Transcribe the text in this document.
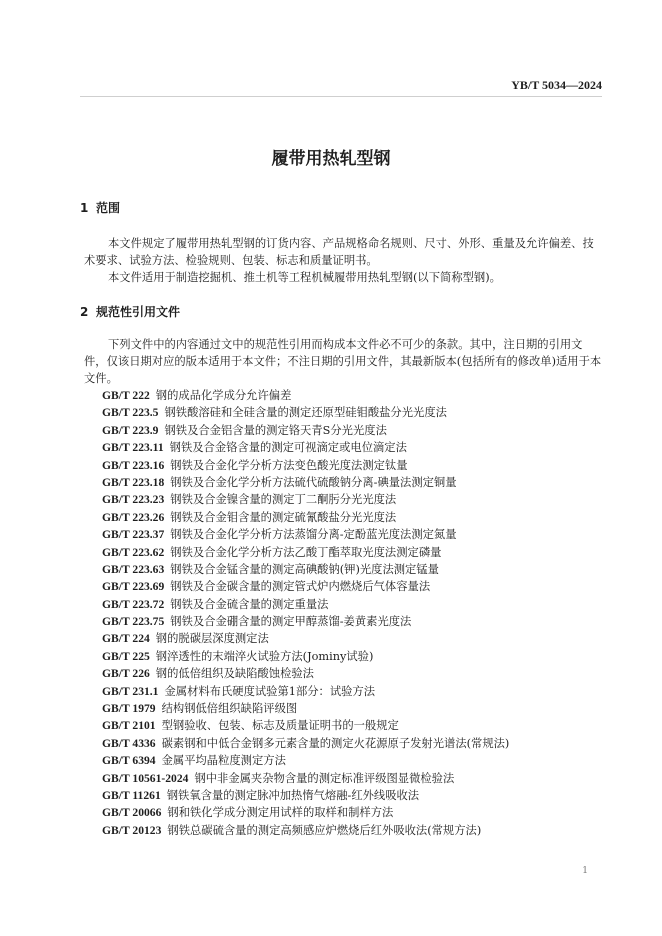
YB/T 5034—2024
履带用热轧型钢
1 范围

本文件规定了履带用热轧型钢的订货内容、产品规格命名规则、尺寸、外形、重量及允许偏差、技术要求、试验方法、检验规则、包装、标志和质量证明书。

本文件适用于制造挖掘机、推土机等工程机械履带用热轧型钢(以下简称型钢)。

2 规范性引用文件

下列文件中的内容通过文中的规范性引用而构成本文件必不可少的条款。其中，注日期的引用文件，仅该日期对应的版本适用于本文件；不注日期的引用文件，其最新版本(包括所有的修改单)适用于本文件。

GB/T 222 钢的成品化学成分允许偏差
GB/T 223.5 钢铁酸溶硅和全硅含量的测定还原型硅钼酸盐分光光度法
GB/T 223.9 钢铁及合金铝含量的测定铬天青S分光光度法
GB/T 223.11 钢铁及合金铬含量的测定可视滴定或电位滴定法
GB/T 223.16 钢铁及合金化学分析方法变色酸光度法测定钛量
GB/T 223.18 钢铁及合金化学分析方法硫代硫酸钠分离-碘量法测定铜量
GB/T 223.23 钢铁及合金镍含量的测定丁二酮肟分光光度法
GB/T 223.26 钢铁及合金钼含量的测定硫氰酸盐分光光度法
GB/T 223.37 钢铁及合金化学分析方法蒸馏分离-定酚蓝光度法测定氮量
GB/T 223.62 钢铁及合金化学分析方法乙酸丁酯萃取光度法测定磷量
GB/T 223.63 钢铁及合金锰含量的测定高碘酸钠(钾)光度法测定锰量
GB/T 223.69 钢铁及合金碳含量的测定管式炉内燃烧后气体容量法
GB/T 223.72 钢铁及合金硫含量的测定重量法
GB/T 223.75 钢铁及合金硼含量的测定甲醇蒸馏-姜黄素光度法
GB/T 224 钢的脱碳层深度测定法
GB/T 225 钢淬透性的末端淬火试验方法(Jominy试验)
GB/T 226 钢的低倍组织及缺陷酸蚀检验法
GB/T 231.1 金属材料布氏硬度试验第1部分：试验方法
GB/T 1979 结构钢低倍组织缺陷评级图
GB/T 2101 型钢验收、包装、标志及质量证明书的一般规定
GB/T 4336 碳素钢和中低合金钢多元素含量的测定火花源原子发射光谱法(常规法)
GB/T 6394 金属平均晶粒度测定方法
GB/T 10561-2024 钢中非金属夹杂物含量的测定标准评级图显微检验法
GB/T 11261 钢铁氧含量的测定脉冲加热惰气熔融-红外线吸收法
GB/T 20066 钢和铁化学成分测定用试样的取样和制样方法
GB/T 20123 钢铁总碳硫含量的测定高频感应炉燃烧后红外吸收法(常规方法)
1
